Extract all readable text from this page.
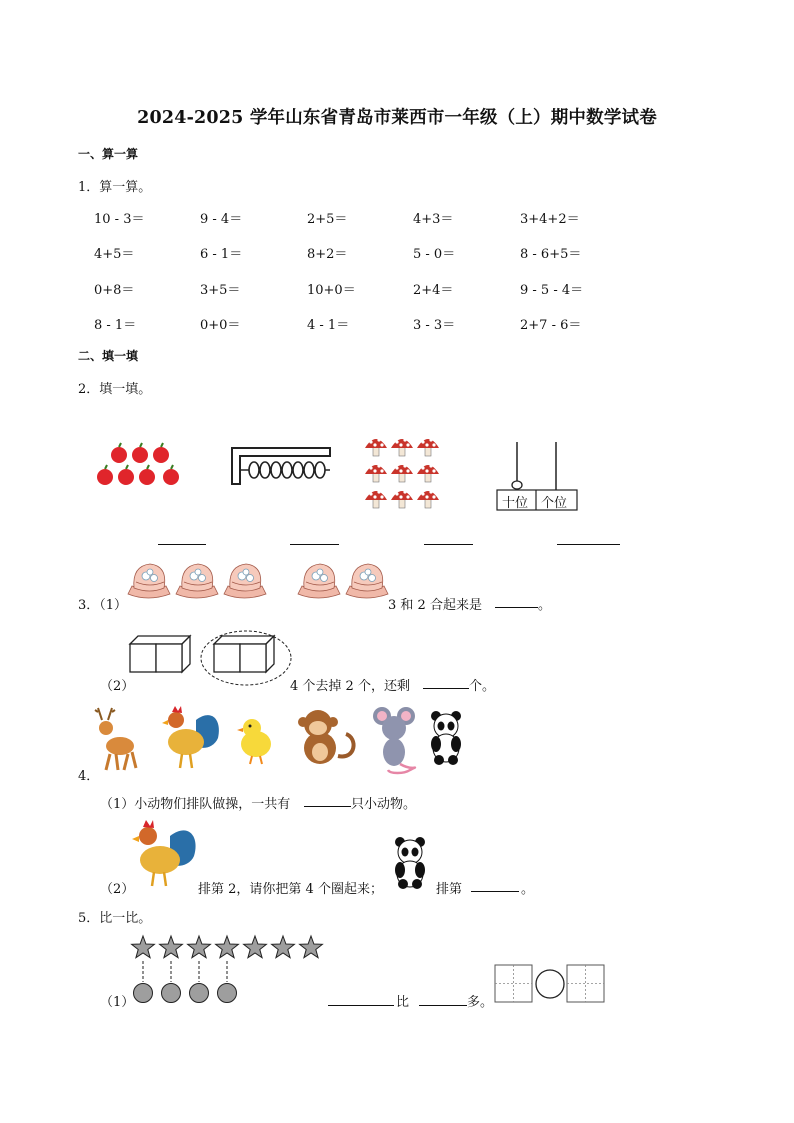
2024-2025 学年山东省青岛市莱西市一年级（上）期中数学试卷
一、算一算
1．算一算。
10 - 3＝	9 - 4＝	2+5＝	4+3＝	3+4+2＝
4+5＝	6 - 1＝	8+2＝	5 - 0＝	8 - 6+5＝
0+8＝	3+5＝	10+0＝	2+4＝	9 - 5 - 4＝
8 - 1＝	0+0＝	4 - 1＝	3 - 3＝	2+7 - 6＝
二、填一填
2．填一填。
十位 个位
3．（1）	3 和 2 合起来是	。
（2）	4 个去掉 2 个，还剩	个。
4．
（1）小动物们排队做操，一共有	只小动物。
（2）	排第 2，请你把第 4 个圈起来；	排第	。
5．比一比。
（1）	比	多。
